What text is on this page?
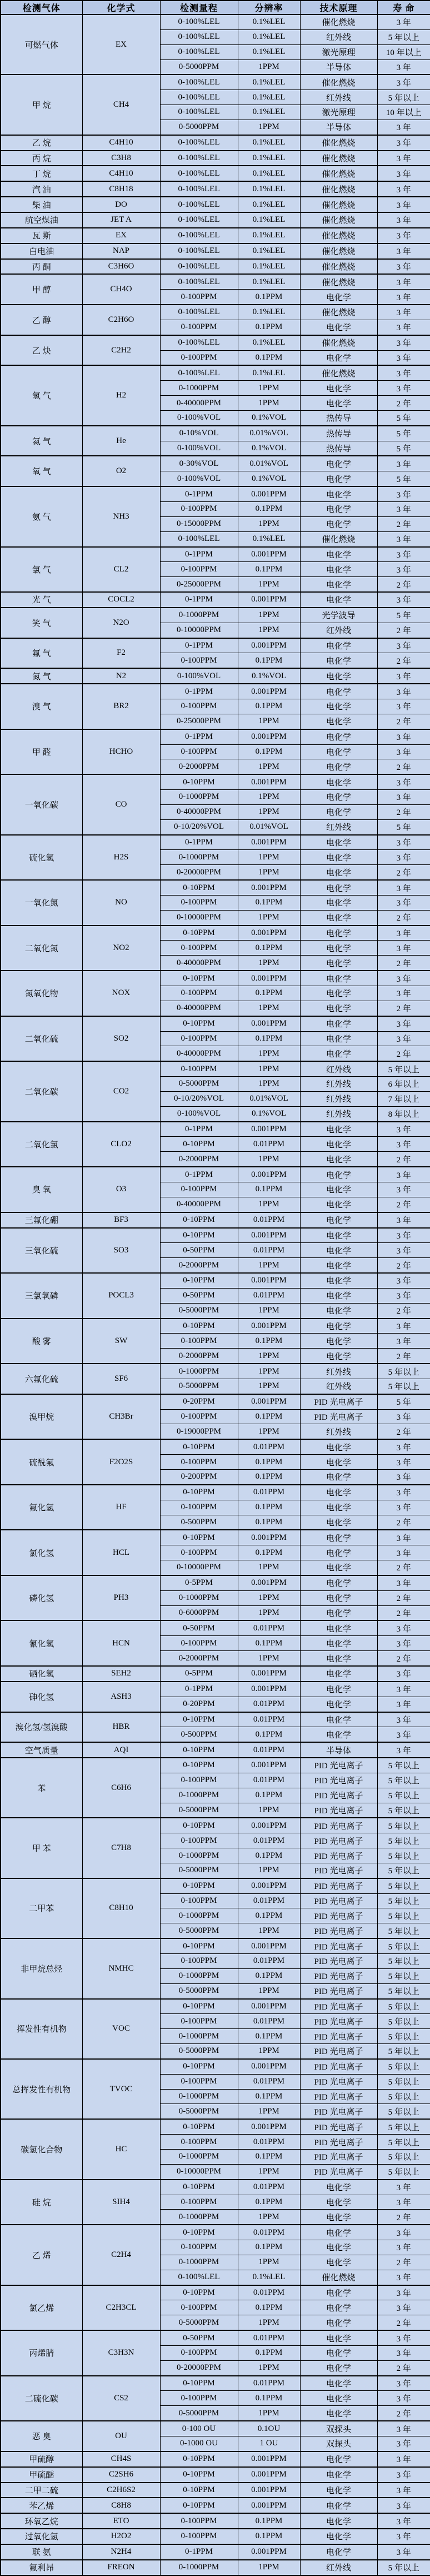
检测气体	化学式	检测量程	分辨率	技术原理	寿 命
可燃气体	EX	0-100%LEL	0.1%LEL	催化燃烧	3 年
		0-100%LEL	0.1%LEL	红外线	5 年以上
		0-100%LEL	0.1%LEL	激光原理	10 年以上
		0-5000PPM	1PPM	半导体	3 年
甲 烷	CH4	0-100%LEL	0.1%LEL	催化燃烧	3 年
		0-100%LEL	0.1%LEL	红外线	5 年以上
		0-100%LEL	0.1%LEL	激光原理	10 年以上
		0-5000PPM	1PPM	半导体	3 年
乙 烷	C4H10	0-100%LEL	0.1%LEL	催化燃烧	3 年
丙 烷	C3H8	0-100%LEL	0.1%LEL	催化燃烧	3 年
丁 烷	C4H10	0-100%LEL	0.1%LEL	催化燃烧	3 年
汽 油	C8H18	0-100%LEL	0.1%LEL	催化燃烧	3 年
柴 油	DO	0-100%LEL	0.1%LEL	催化燃烧	3 年
航空煤油	JET A	0-100%LEL	0.1%LEL	催化燃烧	3 年
瓦 斯	EX	0-100%LEL	0.1%LEL	催化燃烧	3 年
白电油	NAP	0-100%LEL	0.1%LEL	催化燃烧	3 年
丙 酮	C3H6O	0-100%LEL	0.1%LEL	催化燃烧	3 年
甲 醇	CH4O	0-100%LEL	0.1%LEL	催化燃烧	3 年
		0-100PPM	0.1PPM	电化学	3 年
乙 醇	C2H6O	0-100%LEL	0.1%LEL	催化燃烧	3 年
		0-100PPM	0.1PPM	电化学	3 年
乙 炔	C2H2	0-100%LEL	0.1%LEL	催化燃烧	3 年
		0-100PPM	0.1PPM	电化学	3 年
氢 气	H2	0-100%LEL	0.1%LEL	催化燃烧	3 年
		0-1000PPM	1PPM	电化学	3 年
		0-40000PPM	1PPM	电化学	2 年
		0-100%VOL	0.1%VOL	热传导	5 年
氦 气	He	0-10%VOL	0.01%VOL	热传导	5 年
		0-100%VOL	0.1%VOL	热传导	5 年
氧 气	O2	0-30%VOL	0.01%VOL	电化学	3 年
		0-100%VOL	0.1%VOL	电化学	5 年
氨 气	NH3	0-1PPM	0.001PPM	电化学	3 年
		0-100PPM	0.1PPM	电化学	3 年
		0-15000PPM	1PPM	电化学	2 年
		0-100%LEL	0.1%LEL	催化燃烧	3 年
氯 气	CL2	0-1PPM	0.001PPM	电化学	3 年
		0-100PPM	0.1PPM	电化学	3 年
		0-25000PPM	1PPM	电化学	2 年
光 气	COCL2	0-1PPM	0.001PPM	电化学	3 年
笑 气	N2O	0-1000PPM	1PPM	光学波导	5 年
		0-10000PPM	1PPM	红外线	2 年
氟 气	F2	0-1PPM	0.001PPM	电化学	3 年
		0-100PPM	0.1PPM	电化学	2 年
氮 气	N2	0-100%VOL	0.1%VOL	电化学	3 年
溴 气	BR2	0-1PPM	0.001PPM	电化学	3 年
		0-100PPM	0.1PPM	电化学	3 年
		0-25000PPM	1PPM	电化学	2 年
甲 醛	HCHO	0-1PPM	0.001PPM	电化学	3 年
		0-100PPM	0.1PPM	电化学	3 年
		0-2000PPM	1PPM	电化学	2 年
一氧化碳	CO	0-10PPM	0.001PPM	电化学	3 年
		0-1000PPM	1PPM	电化学	3 年
		0-40000PPM	1PPM	电化学	2 年
		0-10/20%VOL	0.01%VOL	红外线	5 年
硫化氢	H2S	0-1PPM	0.001PPM	电化学	3 年
		0-1000PPM	1PPM	电化学	3 年
		0-20000PPM	1PPM	电化学	2 年
一氧化氮	NO	0-10PPM	0.001PPM	电化学	3 年
		0-100PPM	0.1PPM	电化学	3 年
		0-10000PPM	1PPM	电化学	2 年
二氧化氮	NO2	0-10PPM	0.001PPM	电化学	3 年
		0-100PPM	0.1PPM	电化学	3 年
		0-40000PPM	1PPM	电化学	2 年
氮氧化物	NOX	0-10PPM	0.001PPM	电化学	3 年
		0-100PPM	0.1PPM	电化学	3 年
		0-40000PPM	1PPM	电化学	2 年
二氧化硫	SO2	0-10PPM	0.001PPM	电化学	3 年
		0-100PPM	0.1PPM	电化学	3 年
		0-40000PPM	1PPM	电化学	2 年
二氧化碳	CO2	0-100PPM	1PPM	红外线	5 年以上
		0-5000PPM	1PPM	红外线	6 年以上
		0-10/20%VOL	0.01%VOL	红外线	7 年以上
		0-100%VOL	0.1%VOL	红外线	8 年以上
二氧化氯	CLO2	0-1PPM	0.001PPM	电化学	3 年
		0-10PPM	0.01PPM	电化学	3 年
		0-2000PPM	1PPM	电化学	2 年
臭 氧	O3	0-1PPM	0.001PPM	电化学	3 年
		0-100PPM	0.1PPM	电化学	3 年
		0-40000PPM	1PPM	电化学	2 年
三氟化硼	BF3	0-10PPM	0.01PPM	电化学	3 年
三氧化硫	SO3	0-10PPM	0.001PPM	电化学	3 年
		0-50PPM	0.01PPM	电化学	3 年
		0-2000PPM	1PPM	电化学	2 年
三氯氧磷	POCL3	0-10PPM	0.001PPM	电化学	3 年
		0-50PPM	0.01PPM	电化学	3 年
		0-5000PPM	1PPM	电化学	2 年
酸 雾	SW	0-10PPM	0.001PPM	电化学	3 年
		0-100PPM	0.1PPM	电化学	3 年
		0-2000PPM	1PPM	电化学	2 年
六氟化硫	SF6	0-1000PPM	1PPM	红外线	5 年以上
		0-5000PPM	1PPM	红外线	5 年以上
溴甲烷	CH3Br	0-20PPM	0.001PPM	PID 光电离子	5 年
		0-100PPM	0.1PPM	PID 光电离子	3 年
		0-19000PPM	1PPM	红外线	2 年
硫酰氟	F2O2S	0-10PPM	0.01PPM	电化学	3 年
		0-100PPM	0.1PPM	电化学	3 年
		0-200PPM	0.1PPM	电化学	3 年
氟化氢	HF	0-10PPM	0.01PPM	电化学	3 年
		0-100PPM	0.1PPM	电化学	3 年
		0-500PPM	0.1PPM	电化学	2 年
氯化氢	HCL	0-10PPM	0.001PPM	电化学	3 年
		0-100PPM	0.1PPM	电化学	3 年
		0-10000PPM	1PPM	电化学	2 年
磷化氢	PH3	0-5PPM	0.001PPM	电化学	3 年
		0-1000PPM	1PPM	电化学	2 年
		0-6000PPM	1PPM	电化学	2 年
氰化氢	HCN	0-50PPM	0.01PPM	电化学	3 年
		0-100PPM	0.1PPM	电化学	3 年
		0-2000PPM	1PPM	电化学	2 年
硒化氢	SEH2	0-5PPM	0.001PPM	电化学	3 年
砷化氢	ASH3	0-1PPM	0.001PPM	电化学	3 年
		0-20PPM	0.01PPM	电化学	3 年
溴化氢/氢溴酸	HBR	0-10PPM	0.01PPM	电化学	3 年
		0-500PPM	0.1PPM	电化学	3 年
空气质量	AQI	0-10PPM	0.01PPM	半导体	3 年
苯	C6H6	0-10PPM	0.001PPM	PID 光电离子	5 年以上
		0-100PPM	0.01PPM	PID 光电离子	5 年以上
		0-1000PPM	0.1PPM	PID 光电离子	5 年以上
		0-5000PPM	1PPM	PID 光电离子	5 年以上
甲 苯	C7H8	0-10PPM	0.001PPM	PID 光电离子	5 年以上
		0-100PPM	0.01PPM	PID 光电离子	5 年以上
		0-1000PPM	0.1PPM	PID 光电离子	5 年以上
		0-5000PPM	1PPM	PID 光电离子	5 年以上
二甲苯	C8H10	0-10PPM	0.001PPM	PID 光电离子	5 年以上
		0-100PPM	0.01PPM	PID 光电离子	5 年以上
		0-1000PPM	0.1PPM	PID 光电离子	5 年以上
		0-5000PPM	1PPM	PID 光电离子	5 年以上
非甲烷总烃	NMHC	0-10PPM	0.001PPM	PID 光电离子	5 年以上
		0-100PPM	0.01PPM	PID 光电离子	5 年以上
		0-1000PPM	0.1PPM	PID 光电离子	5 年以上
		0-5000PPM	1PPM	PID 光电离子	5 年以上
挥发性有机物	VOC	0-10PPM	0.001PPM	PID 光电离子	5 年以上
		0-100PPM	0.01PPM	PID 光电离子	5 年以上
		0-1000PPM	0.1PPM	PID 光电离子	5 年以上
		0-5000PPM	1PPM	PID 光电离子	5 年以上
总挥发性有机物	TVOC	0-10PPM	0.001PPM	PID 光电离子	5 年以上
		0-100PPM	0.01PPM	PID 光电离子	5 年以上
		0-1000PPM	0.1PPM	PID 光电离子	5 年以上
		0-5000PPM	1PPM	PID 光电离子	5 年以上
碳氢化合物	HC	0-10PPM	0.001PPM	PID 光电离子	5 年以上
		0-100PPM	0.01PPM	PID 光电离子	5 年以上
		0-1000PPM	0.1PPM	PID 光电离子	5 年以上
		0-10000PPM	1PPM	PID 光电离子	5 年以上
硅 烷	SIH4	0-10PPM	0.01PPM	电化学	3 年
		0-100PPM	0.1PPM	电化学	3 年
		0-1000PPM	1PPM	电化学	2 年
乙 烯	C2H4	0-10PPM	0.01PPM	电化学	3 年
		0-100PPM	0.1PPM	电化学	3 年
		0-1000PPM	1PPM	电化学	2 年
		0-100%LEL	0.1%LEL	催化燃烧	3 年
氯乙烯	C2H3CL	0-10PPM	0.01PPM	电化学	3 年
		0-100PPM	0.1PPM	电化学	3 年
		0-5000PPM	1PPM	电化学	2 年
丙烯腈	C3H3N	0-50PPM	0.01PPM	电化学	3 年
		0-100PPM	0.1PPM	电化学	3 年
		0-20000PPM	1PPM	电化学	2 年
二硫化碳	CS2	0-10PPM	0.01PPM	电化学	3 年
		0-100PPM	0.1PPM	电化学	3 年
		0-5000PPM	1PPM	电化学	2 年
恶 臭	OU	0-100 OU	0.1OU	双探头	3 年
		0-1000 OU	1 OU	双探头	3 年
甲硫醇	CH4S	0-10PPM	0.001PPM	电化学	3 年
甲硫醚	C2SH6	0-10PPM	0.001PPM	电化学	3 年
二甲二硫	C2H6S2	0-10PPM	0.001PPM	电化学	3 年
苯乙烯	C8H8	0-10PPM	0.001PPM	电化学	3 年
环氧乙烷	ETO	0-100PPM	0.1PPM	电化学	3 年
过氧化氢	H2O2	0-100PPM	0.1PPM	电化学	3 年
联 氨	N2H4	0-1PPM	0.001PPM	电化学	3 年
氟利昂	FREON	0-1000PPM	1PPM	红外线	5 年以上
